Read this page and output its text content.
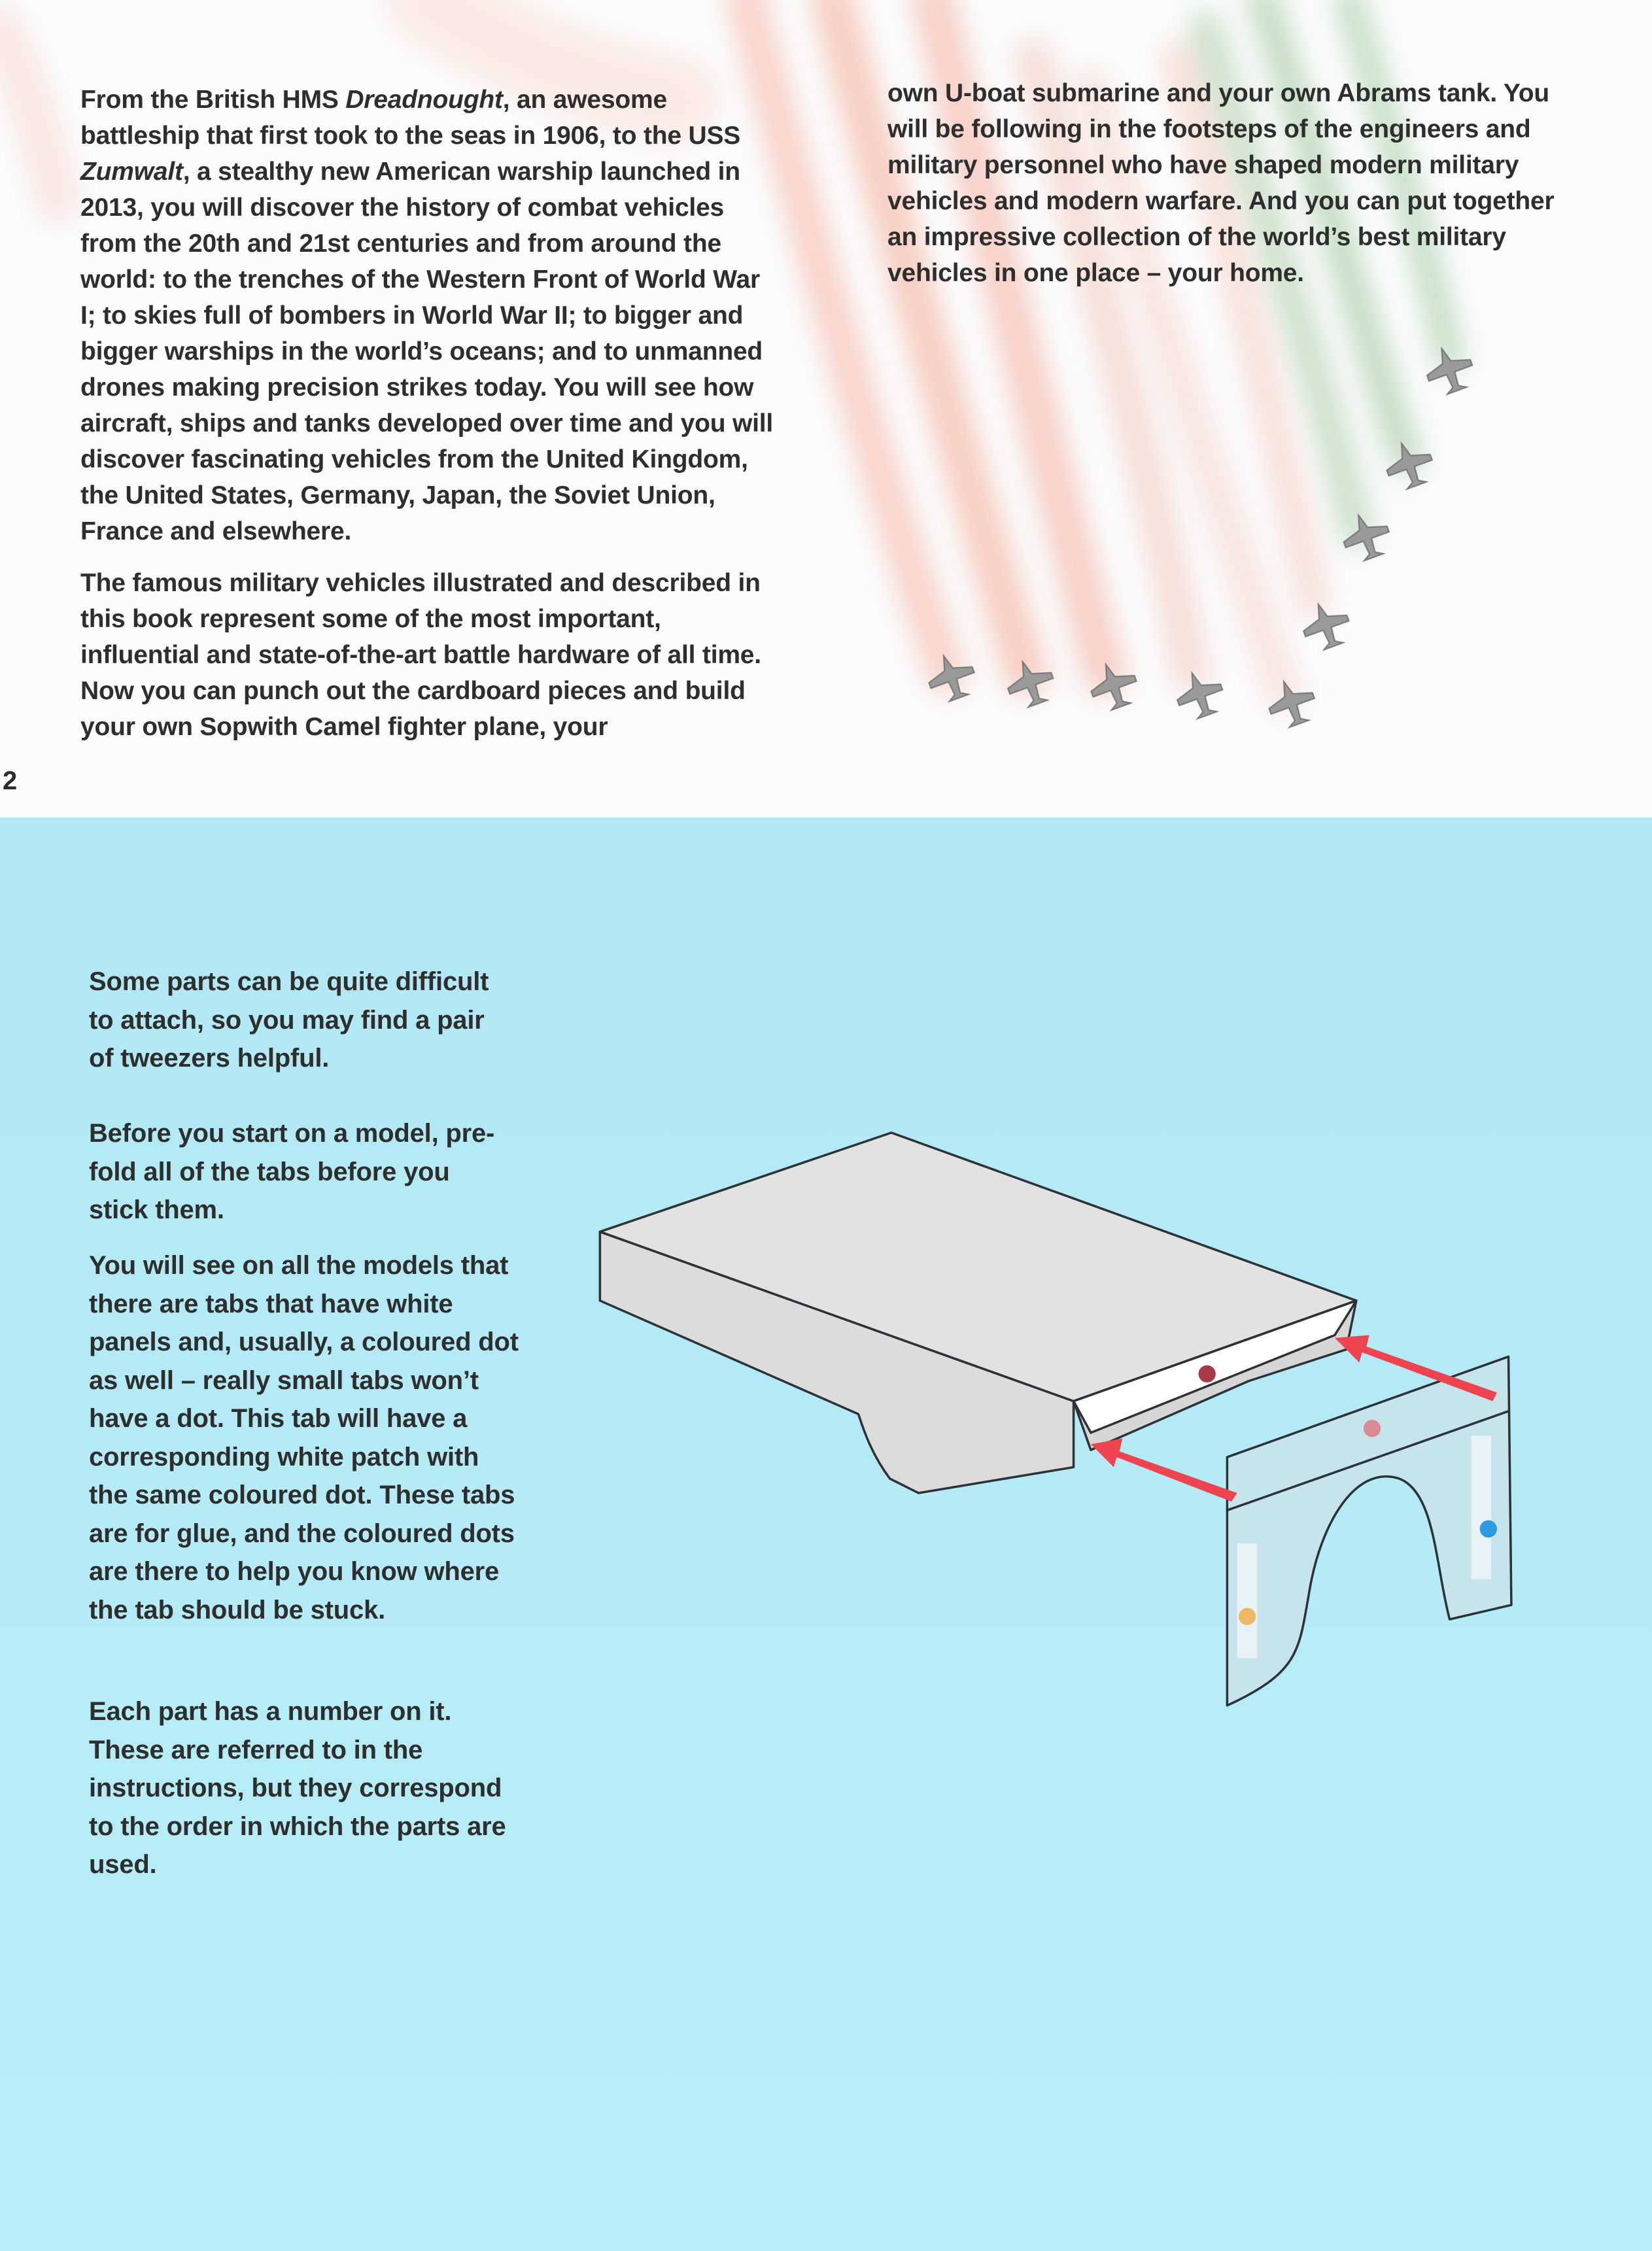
From the British HMS Dreadnought, an awesome battleship that first took to the seas in 1906, to the USS Zumwalt, a stealthy new American warship launched in 2013, you will discover the history of combat vehicles from the 20th and 21st centuries and from around the world: to the trenches of the Western Front of World War I; to skies full of bombers in World War II; to bigger and bigger warships in the world’s oceans; and to unmanned drones making precision strikes today. You will see how aircraft, ships and tanks developed over time and you will discover fascinating vehicles from the United Kingdom, the United States, Germany, Japan, the Soviet Union, France and elsewhere.

The famous military vehicles illustrated and described in this book represent some of the most important, influential and state-of-the-art battle hardware of all time. Now you can punch out the cardboard pieces and build your own Sopwith Camel fighter plane, your

own U-boat submarine and your own Abrams tank. You will be following in the footsteps of the engineers and military personnel who have shaped modern military vehicles and modern warfare. And you can put together an impressive collection of the world’s best military vehicles in one place – your home.

2

Some parts can be quite difficult to attach, so you may find a pair of tweezers helpful.

Before you start on a model, pre-fold all of the tabs before you stick them.

You will see on all the models that there are tabs that have white panels and, usually, a coloured dot as well – really small tabs won’t have a dot. This tab will have a corresponding white patch with the same coloured dot. These tabs are for glue, and the coloured dots are there to help you know where the tab should be stuck.

Each part has a number on it. These are referred to in the instructions, but they correspond to the order in which the parts are used.
